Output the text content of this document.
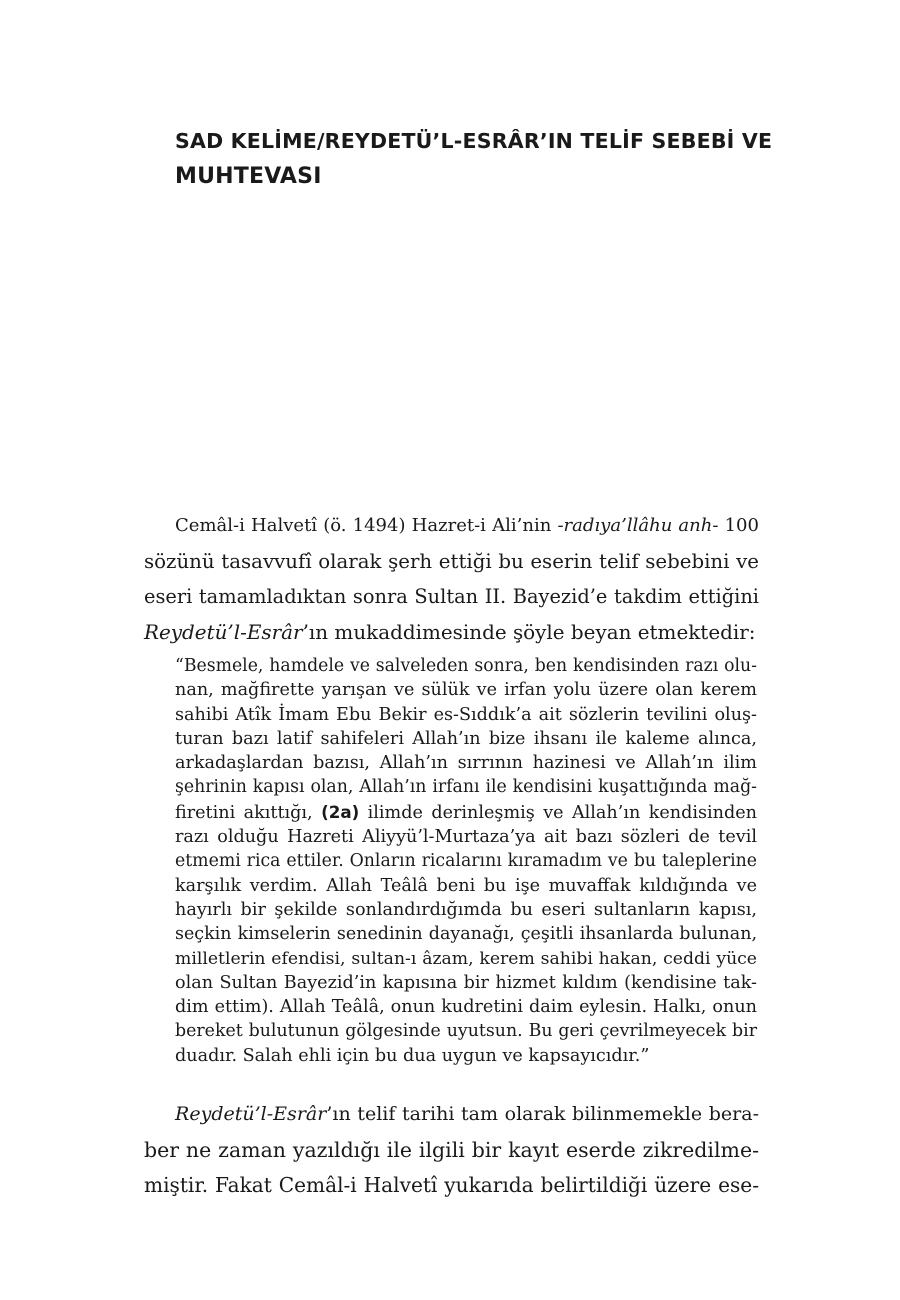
SAD KELİME/REYDETÜ’L-ESRÂR’IN TELİF SEBEBİ VE
MUHTEVASI
Cemâl-i Halvetî (ö. 1494) Hazret-i Ali’nin -radıya’llâhu anh- 100
sözünü tasavvufî olarak şerh ettiği bu eserin telif sebebini ve
eseri tamamladıktan sonra Sultan II. Bayezid’e takdim ettiğini
Reydetü’l-Esrâr’ın mukaddimesinde şöyle beyan etmektedir:
“Besmele, hamdele ve salveleden sonra, ben kendisinden razı olu-
nan, mağfirette yarışan ve sülük ve irfan yolu üzere olan kerem
sahibi Atîk İmam Ebu Bekir es-Sıddık’a ait sözlerin tevilini oluş-
turan bazı latif sahifeleri Allah’ın bize ihsanı ile kaleme alınca,
arkadaşlardan bazısı, Allah’ın sırrının hazinesi ve Allah’ın ilim
şehrinin kapısı olan, Allah’ın irfanı ile kendisini kuşattığında mağ-
firetini akıttığı, (2a) ilimde derinleşmiş ve Allah’ın kendisinden
razı olduğu Hazreti Aliyyü’l-Murtaza’ya ait bazı sözleri de tevil
etmemi rica ettiler. Onların ricalarını kıramadım ve bu taleplerine
karşılık verdim. Allah Teâlâ beni bu işe muvaffak kıldığında ve
hayırlı bir şekilde sonlandırdığımda bu eseri sultanların kapısı,
seçkin kimselerin senedinin dayanağı, çeşitli ihsanlarda bulunan,
milletlerin efendisi, sultan-ı âzam, kerem sahibi hakan, ceddi yüce
olan Sultan Bayezid’in kapısına bir hizmet kıldım (kendisine tak-
dim ettim). Allah Teâlâ, onun kudretini daim eylesin. Halkı, onun
bereket bulutunun gölgesinde uyutsun. Bu geri çevrilmeyecek bir
duadır. Salah ehli için bu dua uygun ve kapsayıcıdır.”
Reydetü’l-Esrâr’ın telif tarihi tam olarak bilinmemekle bera-
ber ne zaman yazıldığı ile ilgili bir kayıt eserde zikredilme-
miştir. Fakat Cemâl-i Halvetî yukarıda belirtildiği üzere ese-
